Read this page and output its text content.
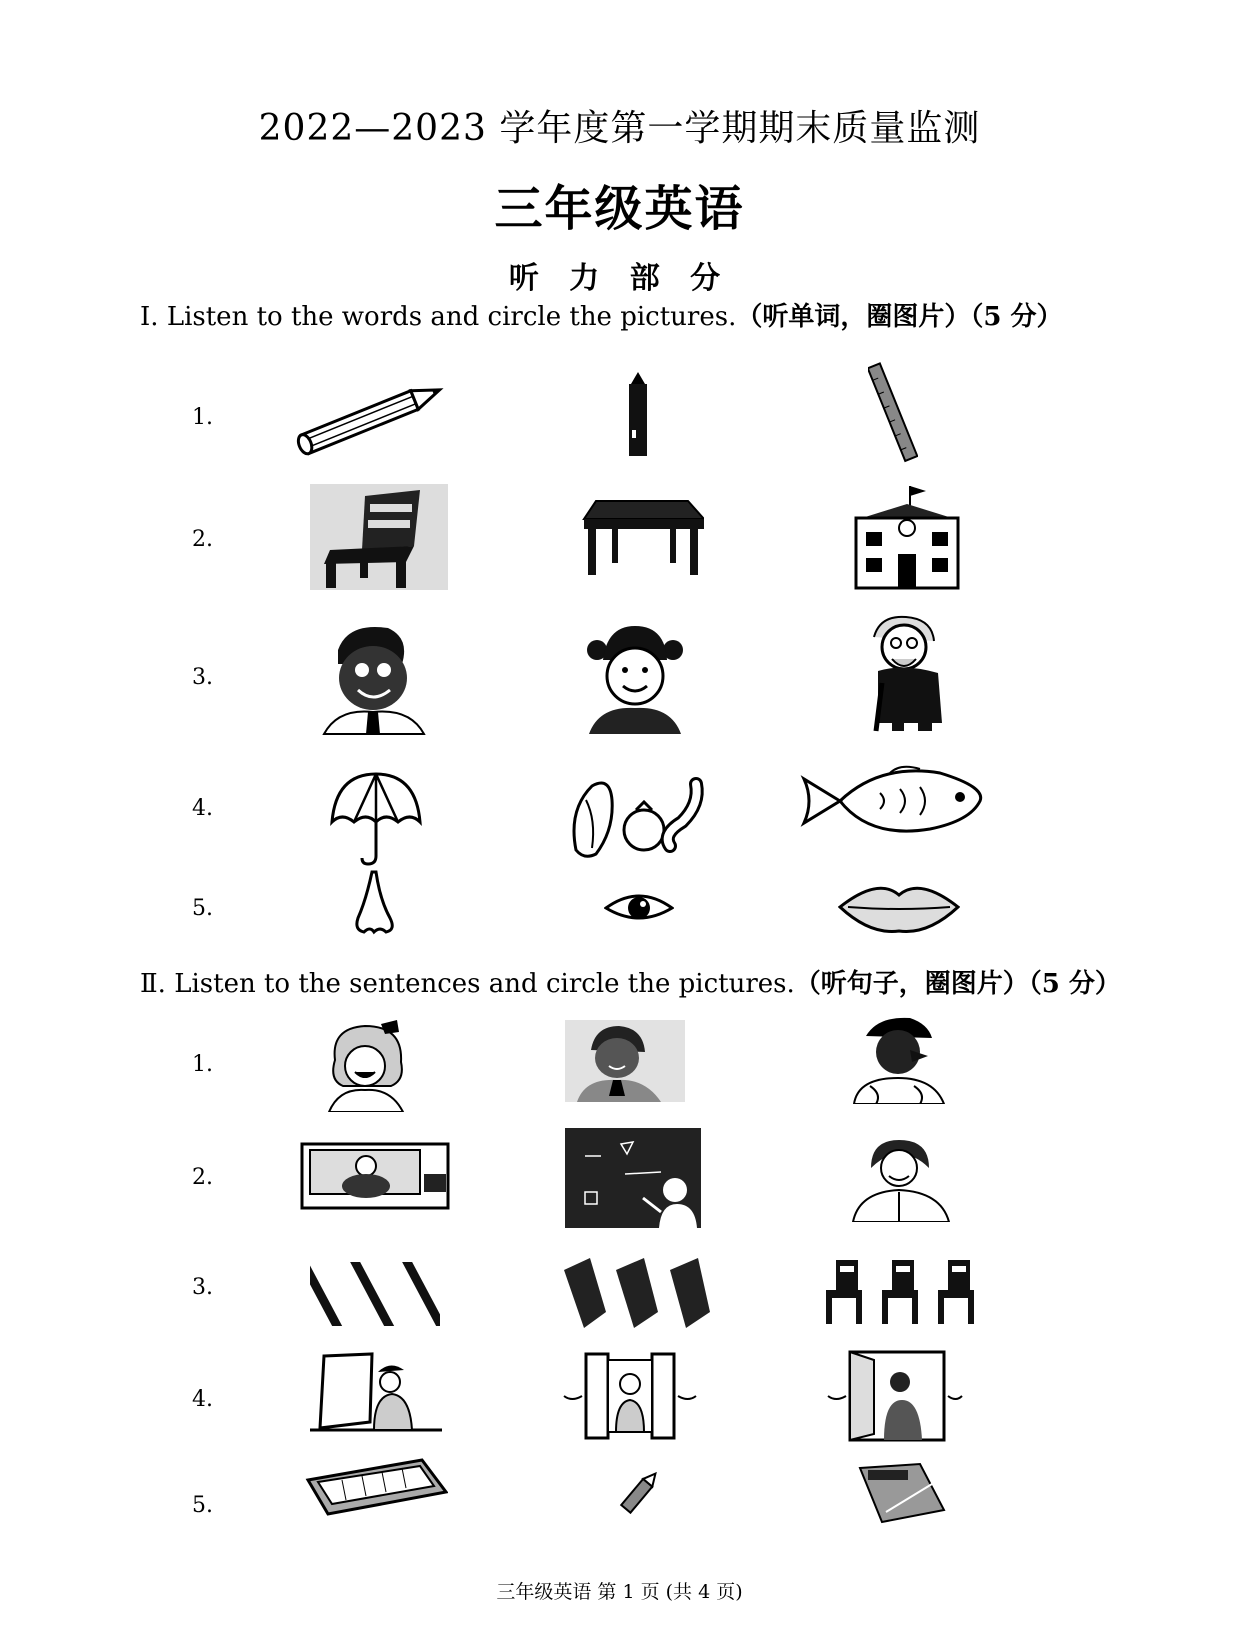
2022—2023 学年度第一学期期末质量监测
三年级英语
听 力 部 分
Ⅰ. Listen to the words and circle the pictures.（听单词，圈图片）（5 分）
1.
2.
3.
4.
5.
Ⅱ. Listen to the sentences and circle the pictures.（听句子，圈图片）（5 分）
1.
2.
3.
4.
5.
三年级英语 第 1 页 (共 4 页)
